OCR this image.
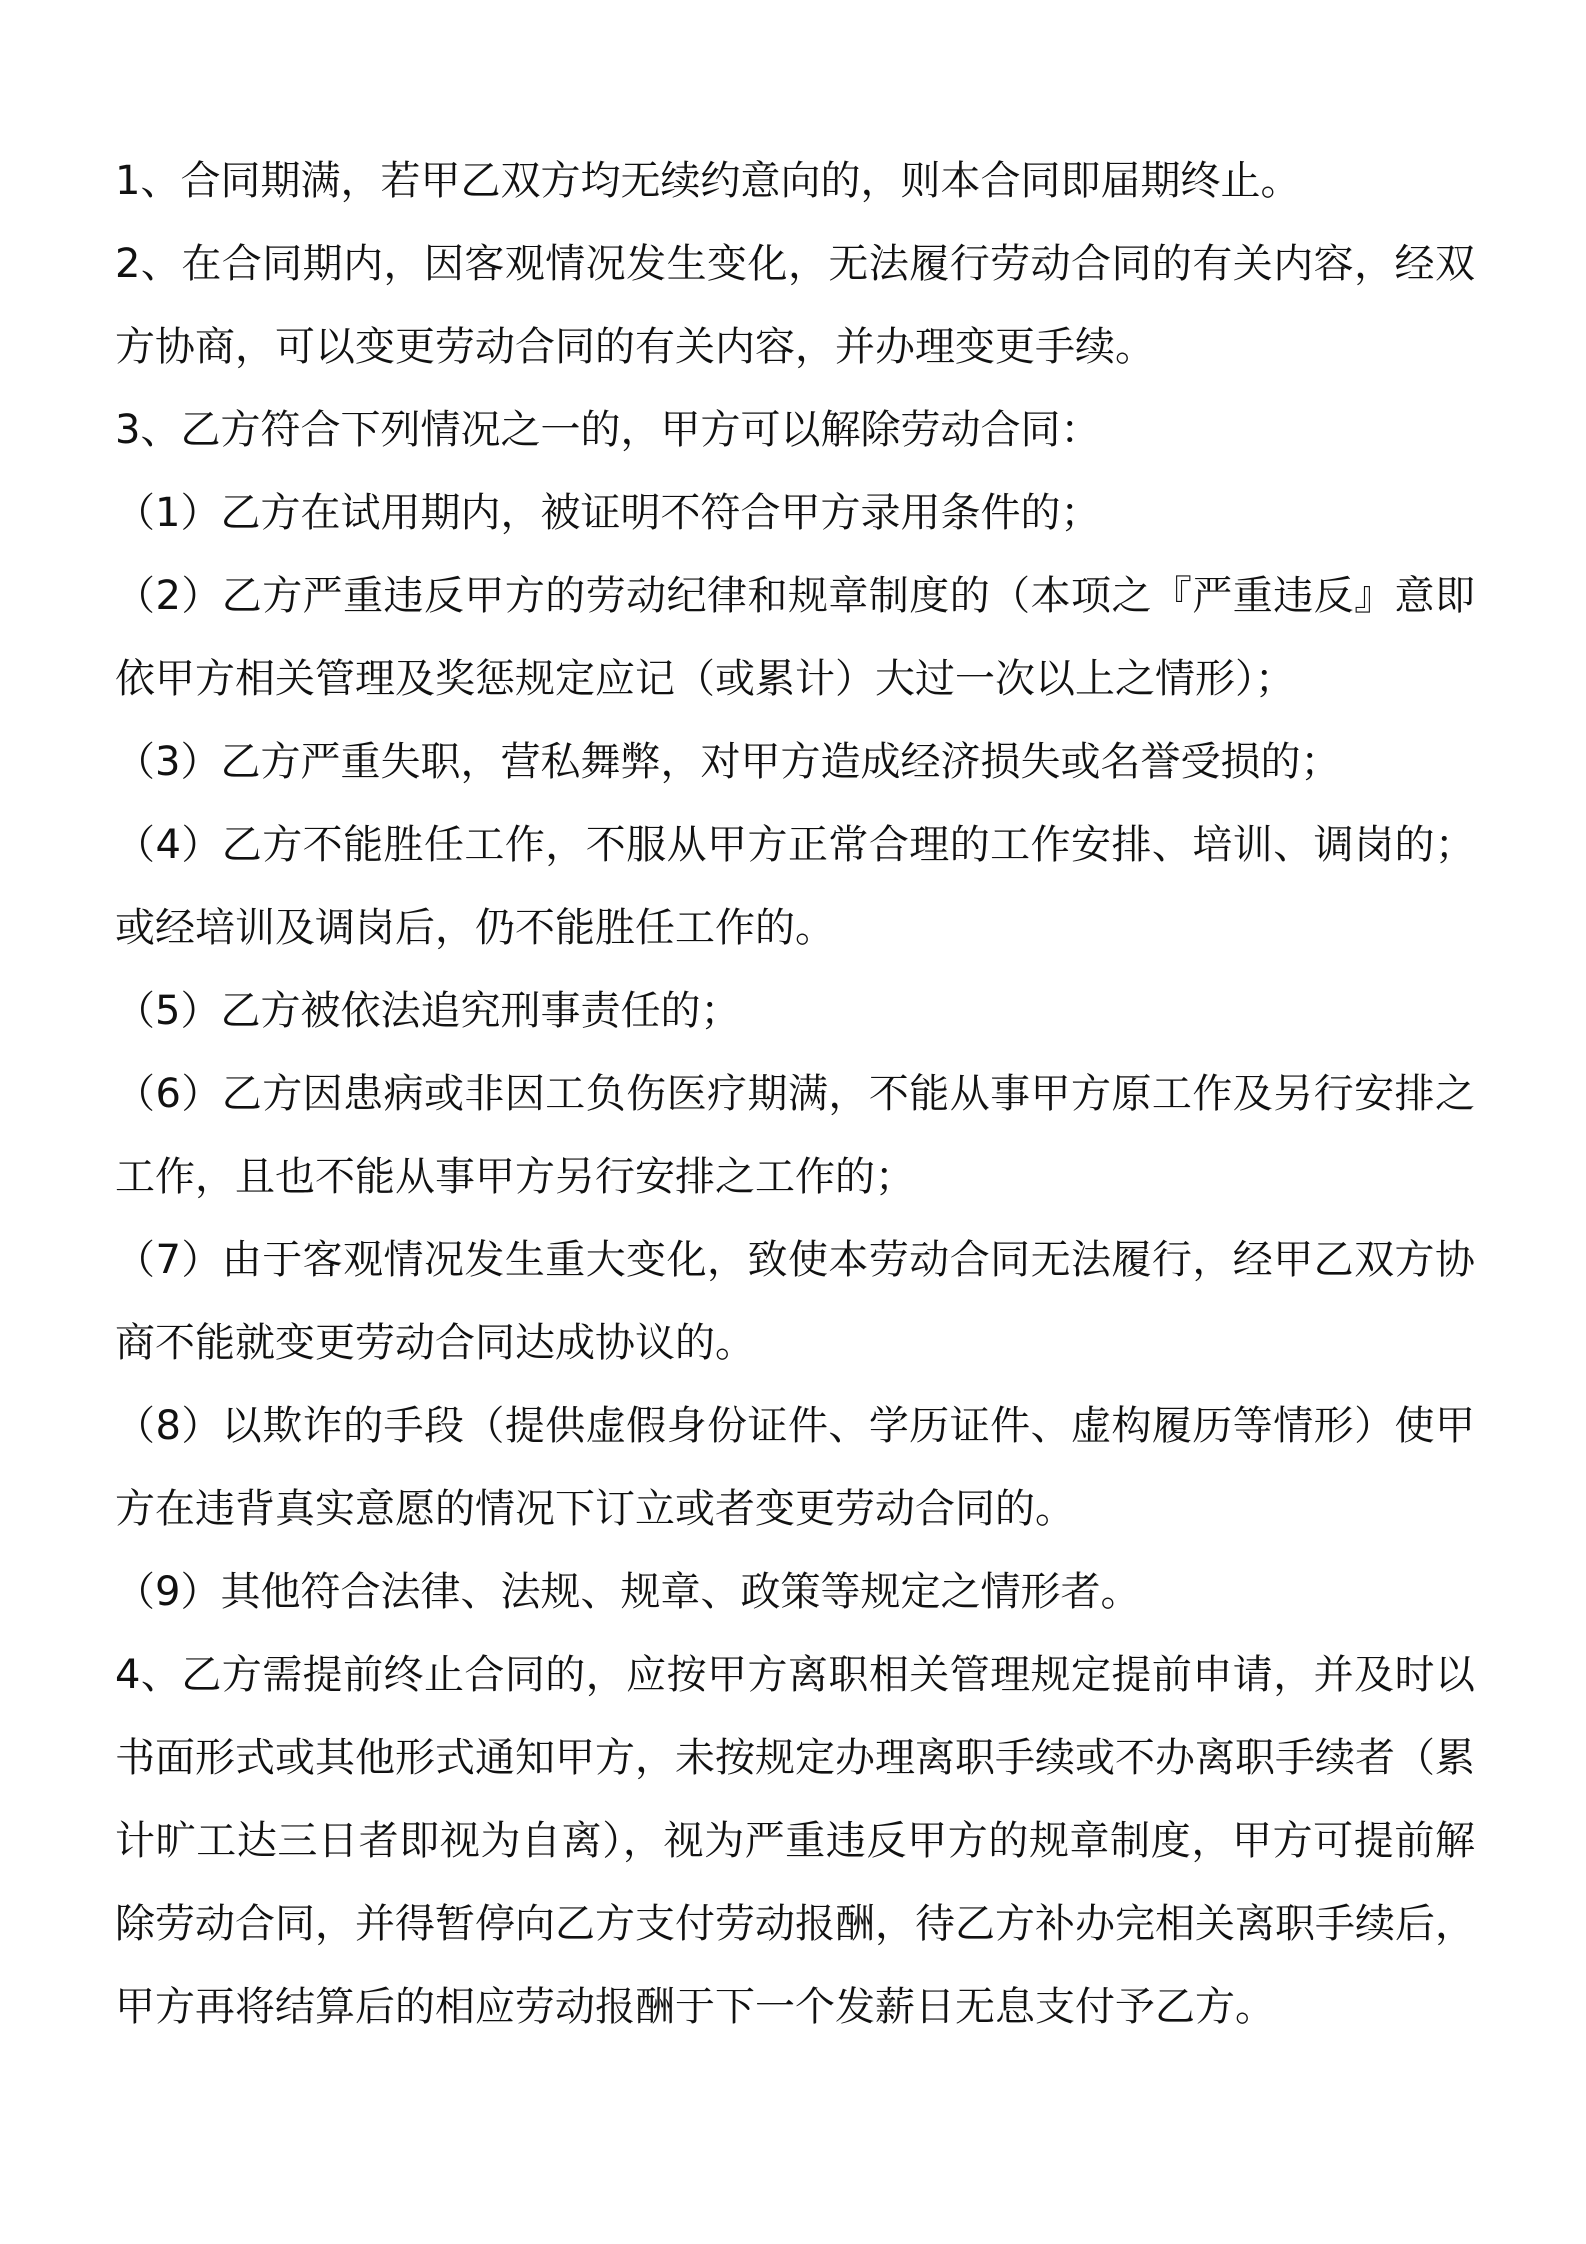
1、合同期满，若甲乙双方均无续约意向的，则本合同即届期终止。

2、在合同期内，因客观情况发生变化，无法履行劳动合同的有关内容，经双方协商，可以变更劳动合同的有关内容，并办理变更手续。

3、乙方符合下列情况之一的，甲方可以解除劳动合同：

（1）乙方在试用期内，被证明不符合甲方录用条件的；

（2）乙方严重违反甲方的劳动纪律和规章制度的（本项之『严重违反』意即依甲方相关管理及奖惩规定应记（或累计）大过一次以上之情形）；

（3）乙方严重失职，营私舞弊，对甲方造成经济损失或名誉受损的；

（4）乙方不能胜任工作，不服从甲方正常合理的工作安排、培训、调岗的；或经培训及调岗后，仍不能胜任工作的。

（5）乙方被依法追究刑事责任的；

（6）乙方因患病或非因工负伤医疗期满，不能从事甲方原工作及另行安排之工作，且也不能从事甲方另行安排之工作的；

（7）由于客观情况发生重大变化，致使本劳动合同无法履行，经甲乙双方协商不能就变更劳动合同达成协议的。

（8）以欺诈的手段（提供虚假身份证件、学历证件、虚构履历等情形）使甲方在违背真实意愿的情况下订立或者变更劳动合同的。

（9）其他符合法律、法规、规章、政策等规定之情形者。

4、乙方需提前终止合同的，应按甲方离职相关管理规定提前申请，并及时以书面形式或其他形式通知甲方，未按规定办理离职手续或不办离职手续者（累计旷工达三日者即视为自离），视为严重违反甲方的规章制度，甲方可提前解除劳动合同，并得暂停向乙方支付劳动报酬，待乙方补办完相关离职手续后，甲方再将结算后的相应劳动报酬于下一个发薪日无息支付予乙方。
